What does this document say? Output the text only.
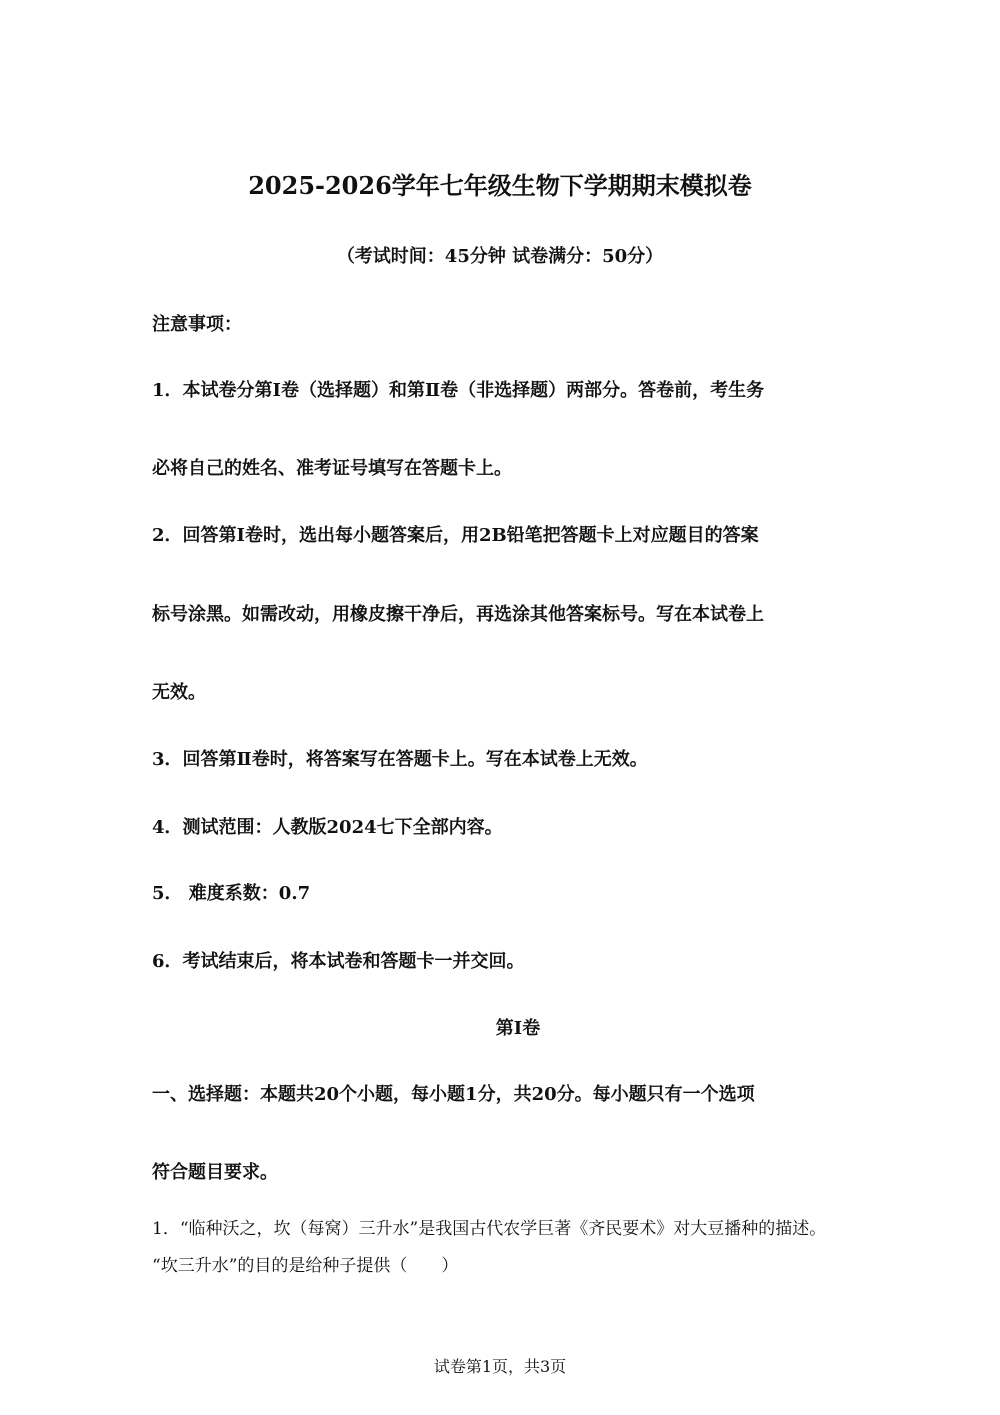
2025-2026学年七年级生物下学期期末模拟卷
（考试时间：45分钟 试卷满分：50分）
注意事项：
1．本试卷分第Ⅰ卷（选择题）和第Ⅱ卷（非选择题）两部分。答卷前，考生务
必将自己的姓名、准考证号填写在答题卡上。
2．回答第Ⅰ卷时，选出每小题答案后，用2B铅笔把答题卡上对应题目的答案
标号涂黑。如需改动，用橡皮擦干净后，再选涂其他答案标号。写在本试卷上
无效。
3．回答第Ⅱ卷时，将答案写在答题卡上。写在本试卷上无效。
4．测试范围：人教版2024七下全部内容。
5． 难度系数：0.7
6．考试结束后，将本试卷和答题卡一并交回。
第Ⅰ卷
一、选择题：本题共20个小题，每小题1分，共20分。每小题只有一个选项
符合题目要求。
1．“临种沃之，坎（每窝）三升水”是我国古代农学巨著《齐民要术》对大豆播种的描述。
“坎三升水”的目的是给种子提供（　　）
试卷第1页，共3页
